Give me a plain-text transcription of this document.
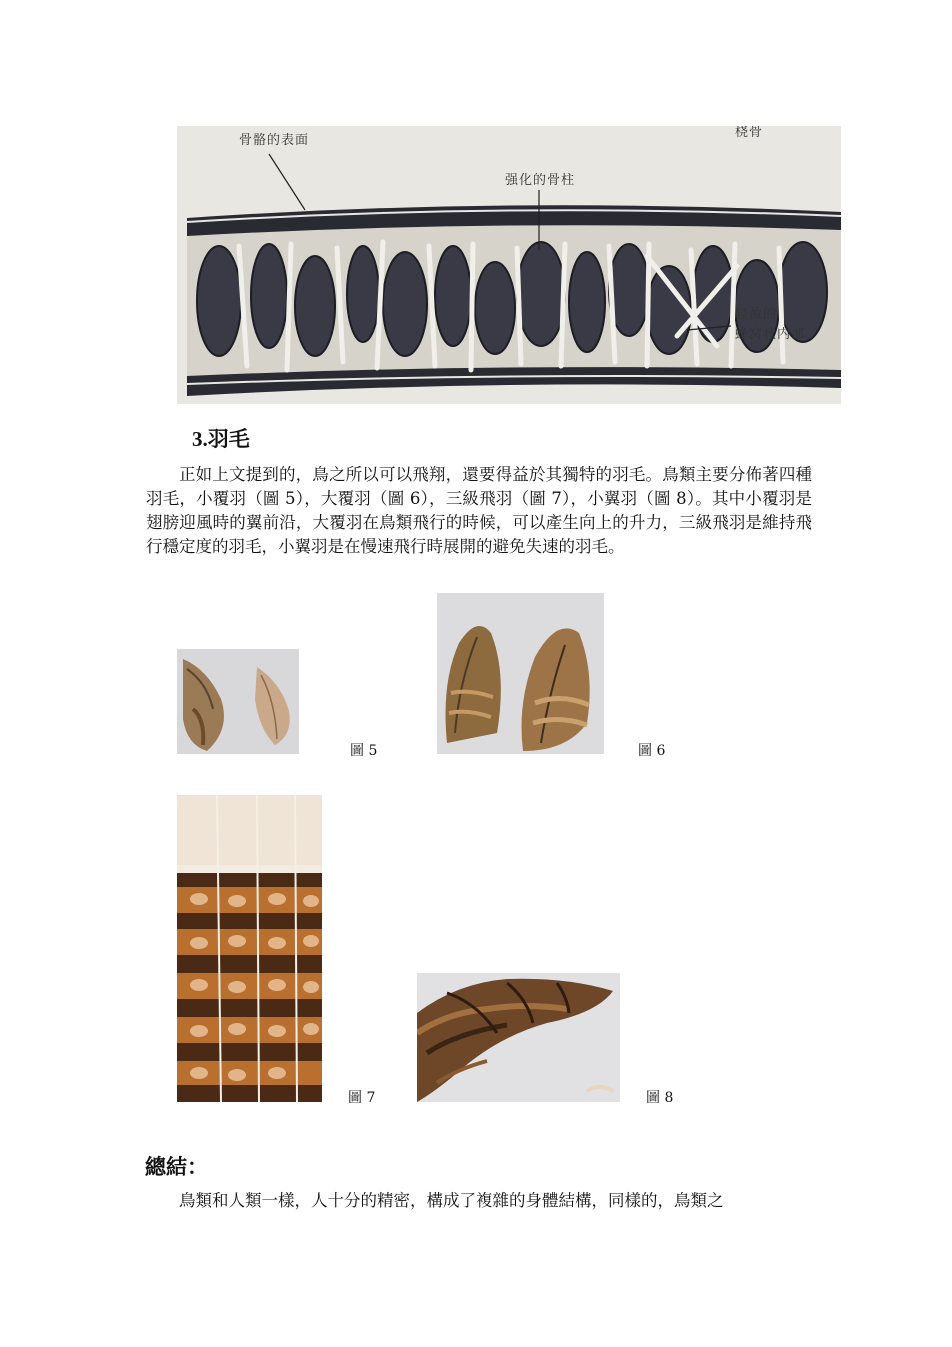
骨骼的表面
强化的骨柱
桡骨
轻盈的
蜂窝状内部
3.羽毛

正如上文提到的，鳥之所以可以飛翔，還要得益於其獨特的羽毛。鳥類主要分佈著四種羽毛，小覆羽（圖 5），大覆羽（圖 6），三級飛羽（圖 7），小翼羽（圖 8）。其中小覆羽是翅膀迎風時的翼前沿，大覆羽在鳥類飛行的時候，可以產生向上的升力，三級飛羽是維持飛行穩定度的羽毛，小翼羽是在慢速飛行時展開的避免失速的羽毛。

圖 5	圖 6
圖 7	圖 8
總結：

鳥類和人類一樣，人十分的精密，構成了複雜的身體結構，同樣的，鳥類之
